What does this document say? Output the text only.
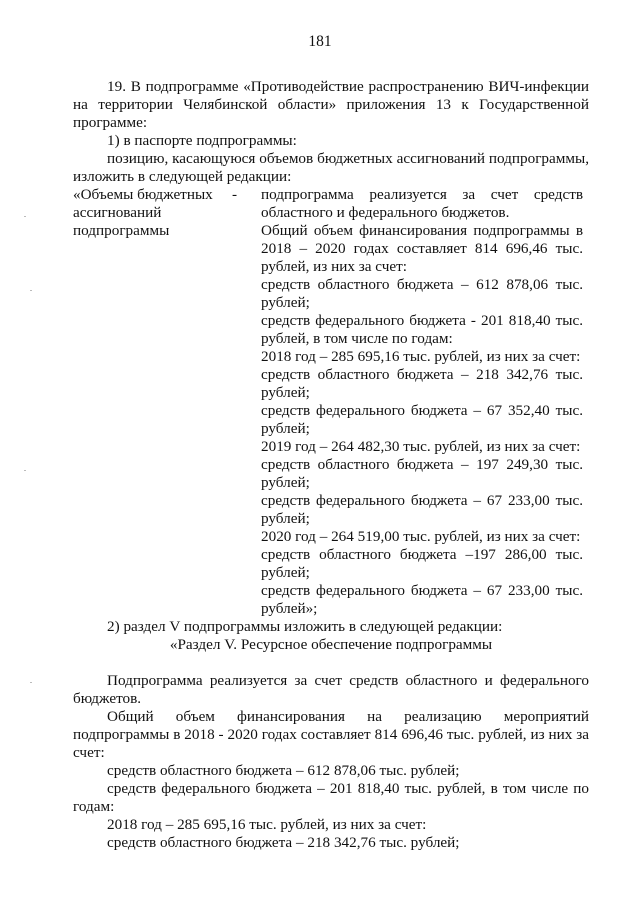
181
19. В подпрограмме «Противодействие распространению ВИЧ-инфекции
на территории Челябинской области» приложения 13 к Государственной
программе:
1) в паспорте подпрограммы:
позицию, касающуюся объемов бюджетных ассигнований подпрограммы,
изложить в следующей редакции:
«Объемы бюджетных -
ассигнований
подпрограммы
подпрограмма реализуется за счет средств
областного и федерального бюджетов.
Общий объем финансирования подпрограммы в
2018 – 2020 годах составляет 814 696,46 тыс.
рублей, из них за счет:
средств областного бюджета – 612 878,06 тыс.
рублей;
средств федерального бюджета - 201 818,40 тыс.
рублей, в том числе по годам:
2018 год – 285 695,16 тыс. рублей, из них за счет:
средств областного бюджета – 218 342,76 тыс.
рублей;
средств федерального бюджета – 67 352,40 тыс.
рублей;
2019 год – 264 482,30 тыс. рублей, из них за счет:
средств областного бюджета – 197 249,30 тыс.
рублей;
средств федерального бюджета – 67 233,00 тыс.
рублей;
2020 год – 264 519,00 тыс. рублей, из них за счет:
средств областного бюджета –197 286,00 тыс.
рублей;
средств федерального бюджета – 67 233,00 тыс.
рублей»;
2) раздел V подпрограммы изложить в следующей редакции:
«Раздел V. Ресурсное обеспечение подпрограммы
Подпрограмма реализуется за счет средств областного и федерального
бюджетов.
Общий объем финансирования на реализацию мероприятий
подпрограммы в 2018 - 2020 годах составляет 814 696,46 тыс. рублей, из них за
счет:
средств областного бюджета – 612 878,06 тыс. рублей;
средств федерального бюджета – 201 818,40 тыс. рублей, в том числе по
годам:
2018 год – 285 695,16 тыс. рублей, из них за счет:
средств областного бюджета – 218 342,76 тыс. рублей;
